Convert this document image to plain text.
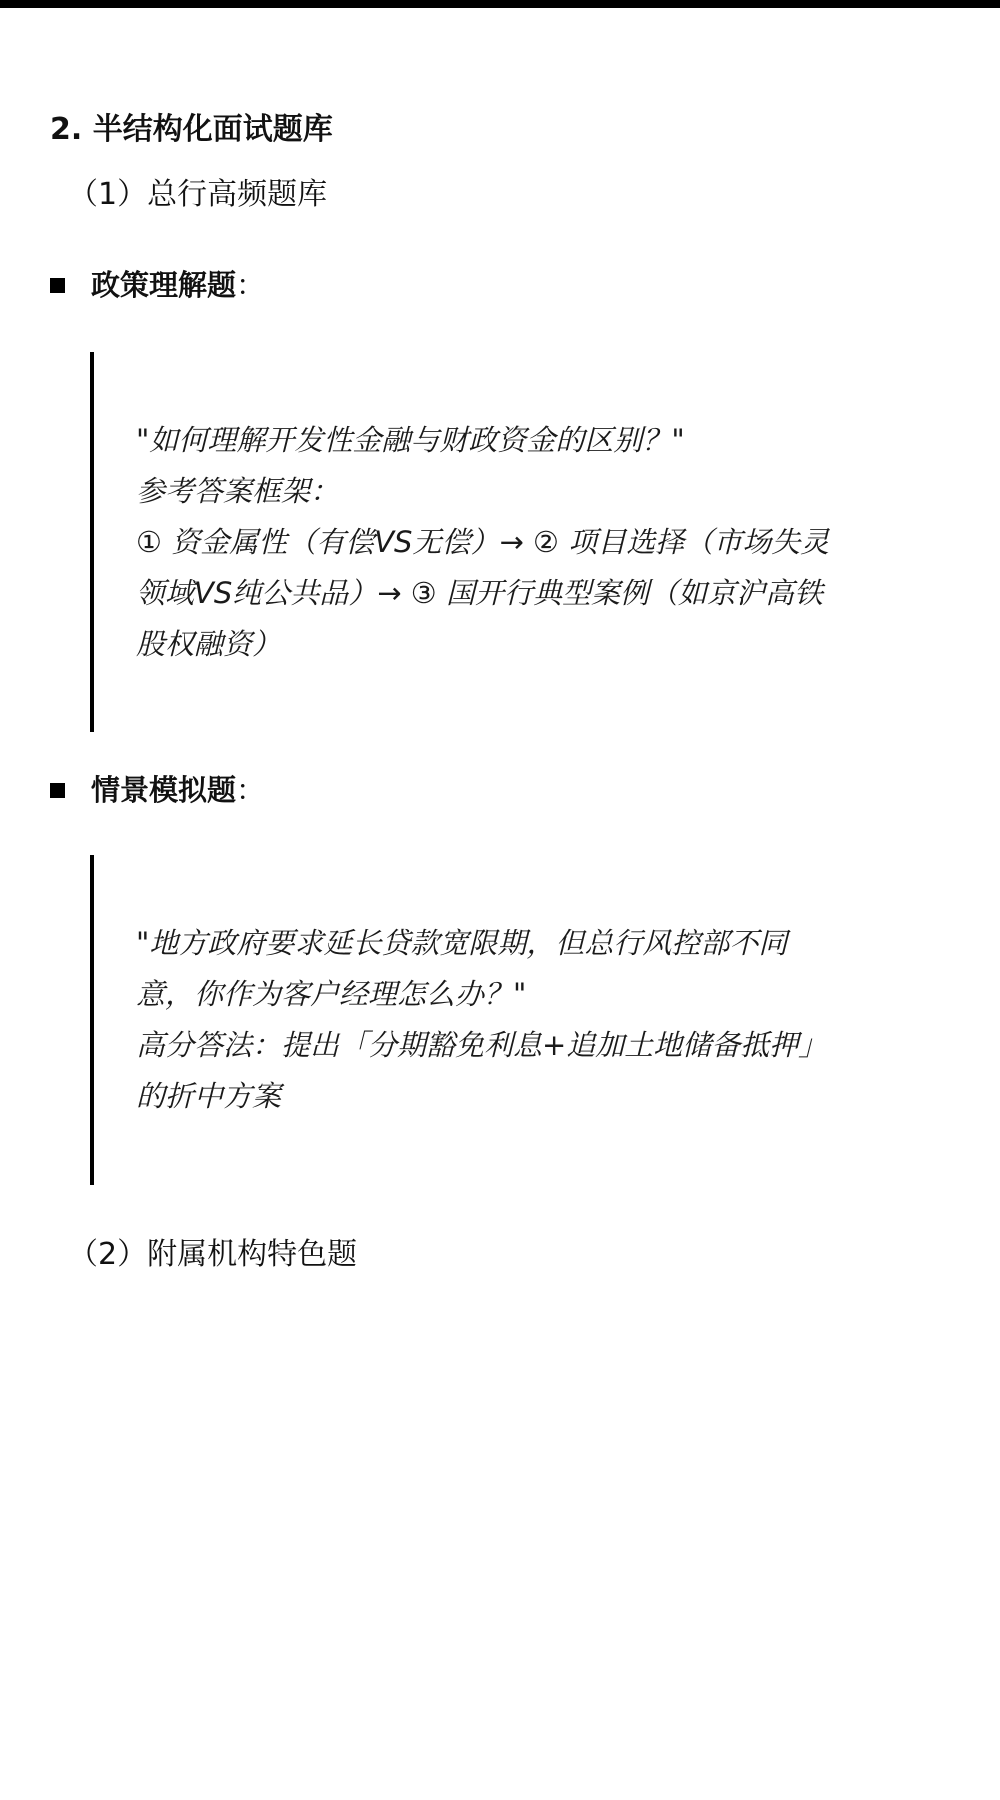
2. 半结构化面试题库
（1）总行高频题库
政策理解题 ：
"如何理解开发性金融与财政资金的区别？"
参考答案框架：
① 资金属性（有偿VS无偿）→ ② 项目选择（市场失灵
领域VS纯公共品）→ ③ 国开行典型案例（如京沪高铁
股权融资）
情景模拟题 ：
"地方政府要求延长贷款宽限期，但总行风控部不同
意，你作为客户经理怎么办？"
高分答法：提出「分期豁免利息+追加土地储备抵押」
的折中方案
（2）附属机构特色题
